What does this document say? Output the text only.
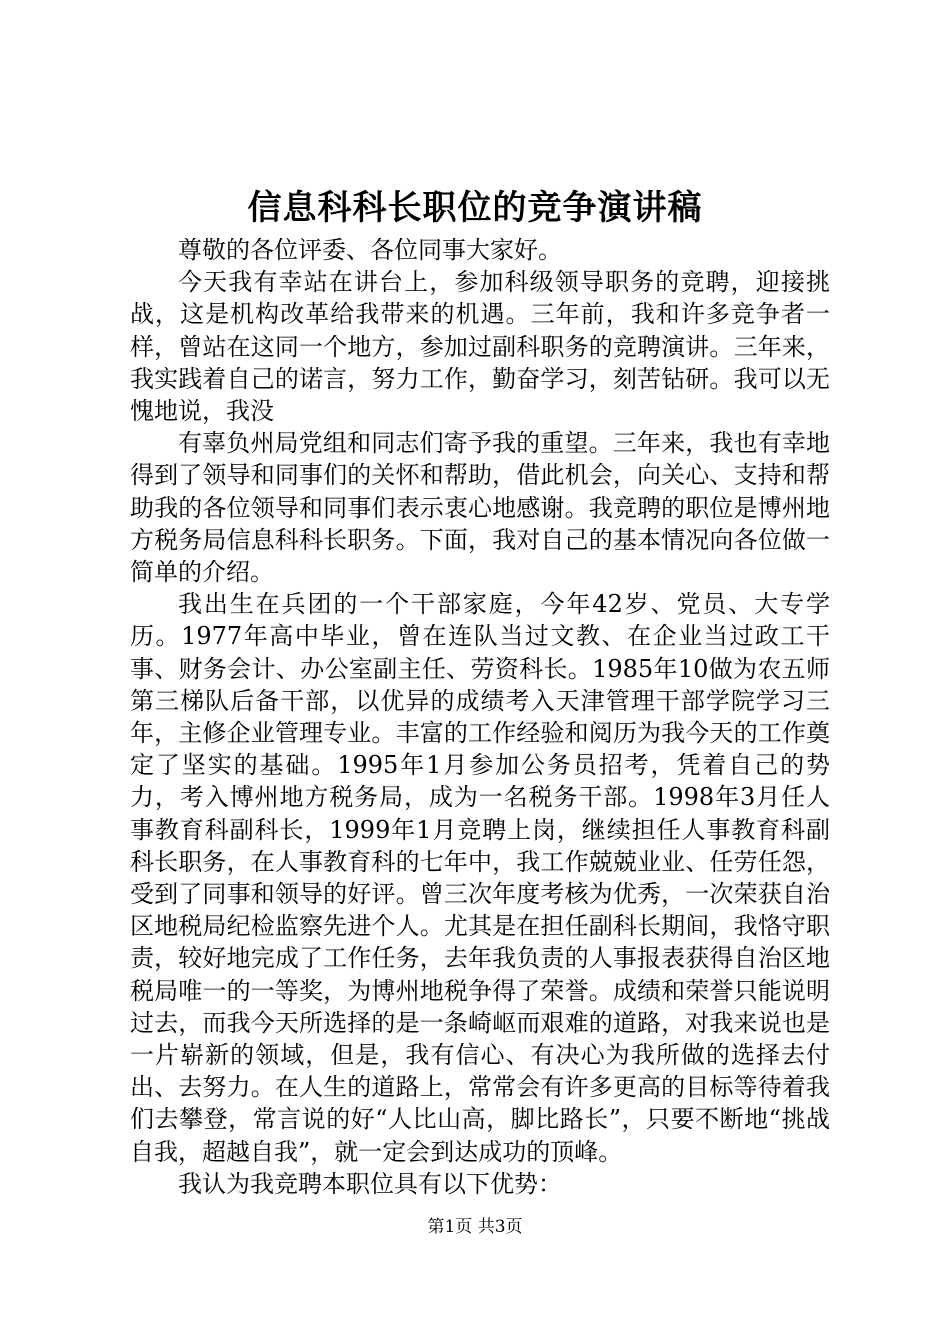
信息科科长职位的竞争演讲稿

尊敬的各位评委、各位同事大家好。

今天我有幸站在讲台上，参加科级领导职务的竞聘，迎接挑战，这是机构改革给我带来的机遇。三年前，我和许多竞争者一样，曾站在这同一个地方，参加过副科职务的竞聘演讲。三年来，我实践着自己的诺言，努力工作，勤奋学习，刻苦钻研。我可以无愧地说，我没

有辜负州局党组和同志们寄予我的重望。三年来，我也有幸地得到了领导和同事们的关怀和帮助，借此机会，向关心、支持和帮助我的各位领导和同事们表示衷心地感谢。我竞聘的职位是博州地方税务局信息科科长职务。下面，我对自己的基本情况向各位做一简单的介绍。

我出生在兵团的一个干部家庭，今年42岁、党员、大专学历。1977年高中毕业，曾在连队当过文教、在企业当过政工干事、财务会计、办公室副主任、劳资科长。1985年10做为农五师第三梯队后备干部，以优异的成绩考入天津管理干部学院学习三年，主修企业管理专业。丰富的工作经验和阅历为我今天的工作奠定了坚实的基础。1995年1月参加公务员招考，凭着自己的势力，考入博州地方税务局，成为一名税务干部。1998年3月任人事教育科副科长，1999年1月竞聘上岗，继续担任人事教育科副科长职务，在人事教育科的七年中，我工作兢兢业业、任劳任怨，受到了同事和领导的好评。曾三次年度考核为优秀，一次荣获自治区地税局纪检监察先进个人。尤其是在担任副科长期间，我恪守职责，较好地完成了工作任务，去年我负责的人事报表获得自治区地税局唯一的一等奖，为博州地税争得了荣誉。成绩和荣誉只能说明过去，而我今天所选择的是一条崎岖而艰难的道路，对我来说也是一片崭新的领域，但是，我有信心、有决心为我所做的选择去付出、去努力。在人生的道路上，常常会有许多更高的目标等待着我们去攀登，常言说的好“人比山高，脚比路长”，只要不断地“挑战自我，超越自我”，就一定会到达成功的顶峰。

我认为我竞聘本职位具有以下优势：

第1页 共3页
